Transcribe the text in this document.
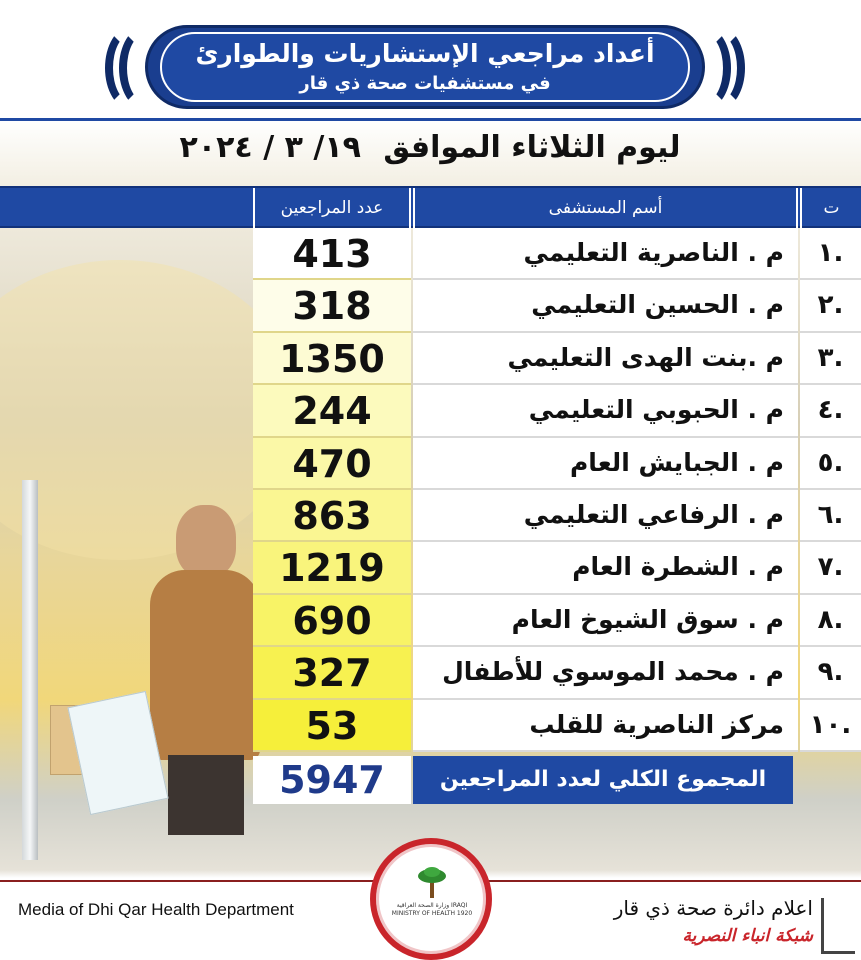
أعداد مراجعي الإستشاريات والطوارئ
في مستشفيات صحة ذي قار
ليوم الثلاثاء الموافق ١٩/ ٣ / ٢٠٢٤
ت
أسم المستشفى
عدد المراجعين
.١
م . الناصرية التعليمي
413
.٢
م . الحسين التعليمي
318
.٣
م .بنت الهدى التعليمي
1350
.٤
م . الحبوبي التعليمي
244
.٥
م . الجبايش العام
470
.٦
م . الرفاعي التعليمي
863
.٧
م . الشطرة العام
1219
.٨
م . سوق الشيوخ العام
690
.٩
م . محمد الموسوي للأطفال
327
.١٠
مركز الناصرية للقلب
53
المجموع الكلي لعدد المراجعين
5947
Media of Dhi Qar Health Department	اعلام دائرة صحة ذي قار
شبكة انباء النصرية
وزارة الصحة العراقية IRAQI MINISTRY OF HEALTH 1920
